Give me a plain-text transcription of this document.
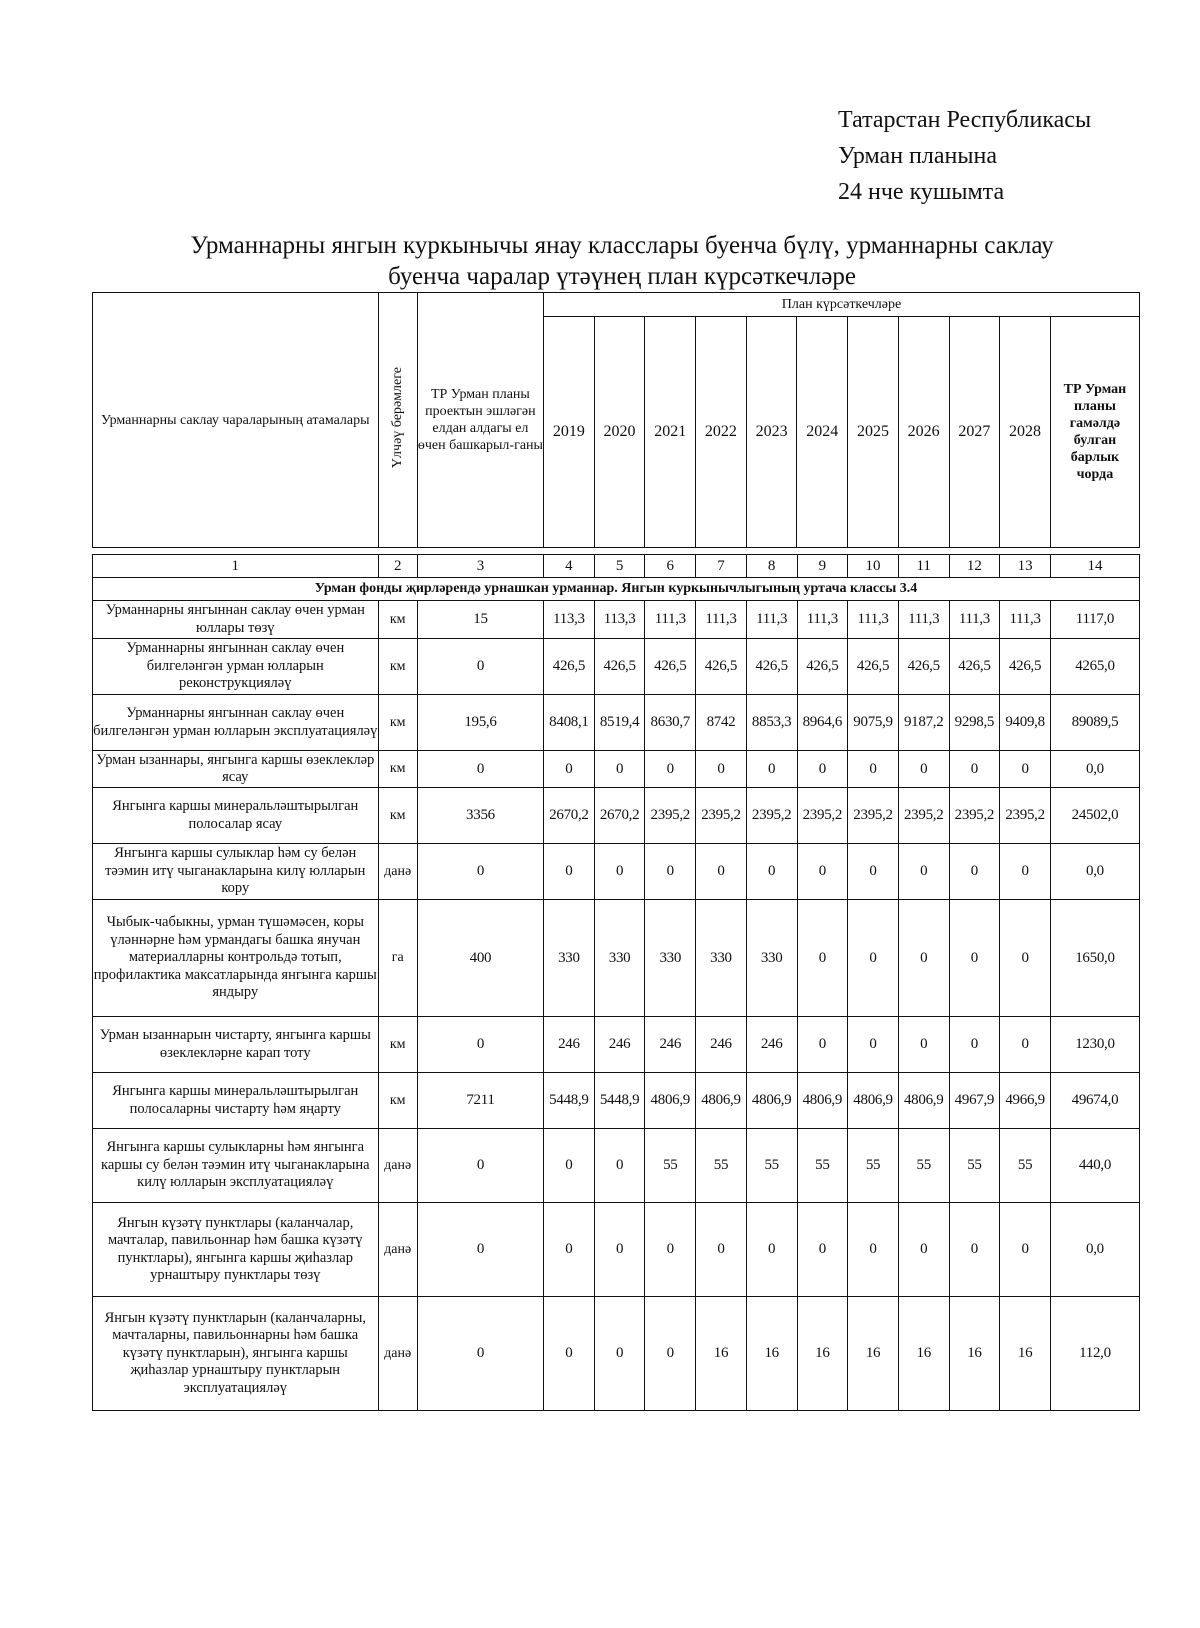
Татарстан Республикасы
Урман планына
24 нче кушымта
Урманнарны янгын куркынычы янау класслары буенча бүлү, урманнарны саклау
буенча чаралар үтәүнең план күрсәткечләре
Урманнарны саклау чараларының атамалары	Үлчәү берәмлеге	ТР Урман планы проектын эшләгән елдан алдагы ел өчен башкарыл-ганы	План күрсәткечләре										
			2019	2020	2021	2022	2023	2024	2025	2026	2027	2028	ТР Урман планы гамәлдә булган барлык чорда
1	2	3	4	5	6	7	8	9	10	11	12	13	14
Урман фонды җирләрендә урнашкан урманнар. Янгын куркынычлыгының уртача классы 3.4													
Урманнарны янгыннан саклау өчен урман юллары төзү	км	15	113,3	113,3	111,3	111,3	111,3	111,3	111,3	111,3	111,3	111,3	1117,0
Урманнарны янгыннан саклау өчен билгеләнгән урман юлларын реконструкцияләү	км	0	426,5	426,5	426,5	426,5	426,5	426,5	426,5	426,5	426,5	426,5	4265,0
Урманнарны янгыннан саклау өчен билгеләнгән урман юлларын эксплуатацияләү	км	195,6	8408,1	8519,4	8630,7	8742	8853,3	8964,6	9075,9	9187,2	9298,5	9409,8	89089,5
Урман ызаннары, янгынга каршы өзеклекләр ясау	км	0	0	0	0	0	0	0	0	0	0	0	0,0
Янгынга каршы минеральләштырылган полосалар ясау	км	3356	2670,2	2670,2	2395,2	2395,2	2395,2	2395,2	2395,2	2395,2	2395,2	2395,2	24502,0
Янгынга каршы сулыклар һәм су белән тәэмин итү чыганакларына килү юлларын кору	данә	0	0	0	0	0	0	0	0	0	0	0	0,0
Чыбык-чабыкны, урман түшәмәсен, коры үләннәрне һәм урмандагы башка янучан материалларны контрольдә тотып, профилактика максатларында янгынга каршы яндыру	га	400	330	330	330	330	330	0	0	0	0	0	1650,0
Урман ызаннарын чистарту, янгынга каршы өзеклекләрне карап тоту	км	0	246	246	246	246	246	0	0	0	0	0	1230,0
Янгынга каршы минеральләштырылган полосаларны чистарту һәм яңарту	км	7211	5448,9	5448,9	4806,9	4806,9	4806,9	4806,9	4806,9	4806,9	4967,9	4966,9	49674,0
Янгынга каршы сулыкларны һәм янгынга каршы су белән тәэмин итү чыганакларына килү юлларын эксплуатацияләү	данә	0	0	0	55	55	55	55	55	55	55	55	440,0
Янгын күзәтү пунктлары (каланчалар, мачталар, павильоннар һәм башка күзәтү пунктлары), янгынга каршы җиһазлар урнаштыру пунктлары төзү	данә	0	0	0	0	0	0	0	0	0	0	0	0,0
Янгын күзәтү пунктларын (каланчаларны, мачталарны, павильоннарны һәм башка күзәтү пунктларын), янгынга каршы җиһазлар урнаштыру пунктларын эксплуатацияләү	данә	0	0	0	0	16	16	16	16	16	16	16	112,0
